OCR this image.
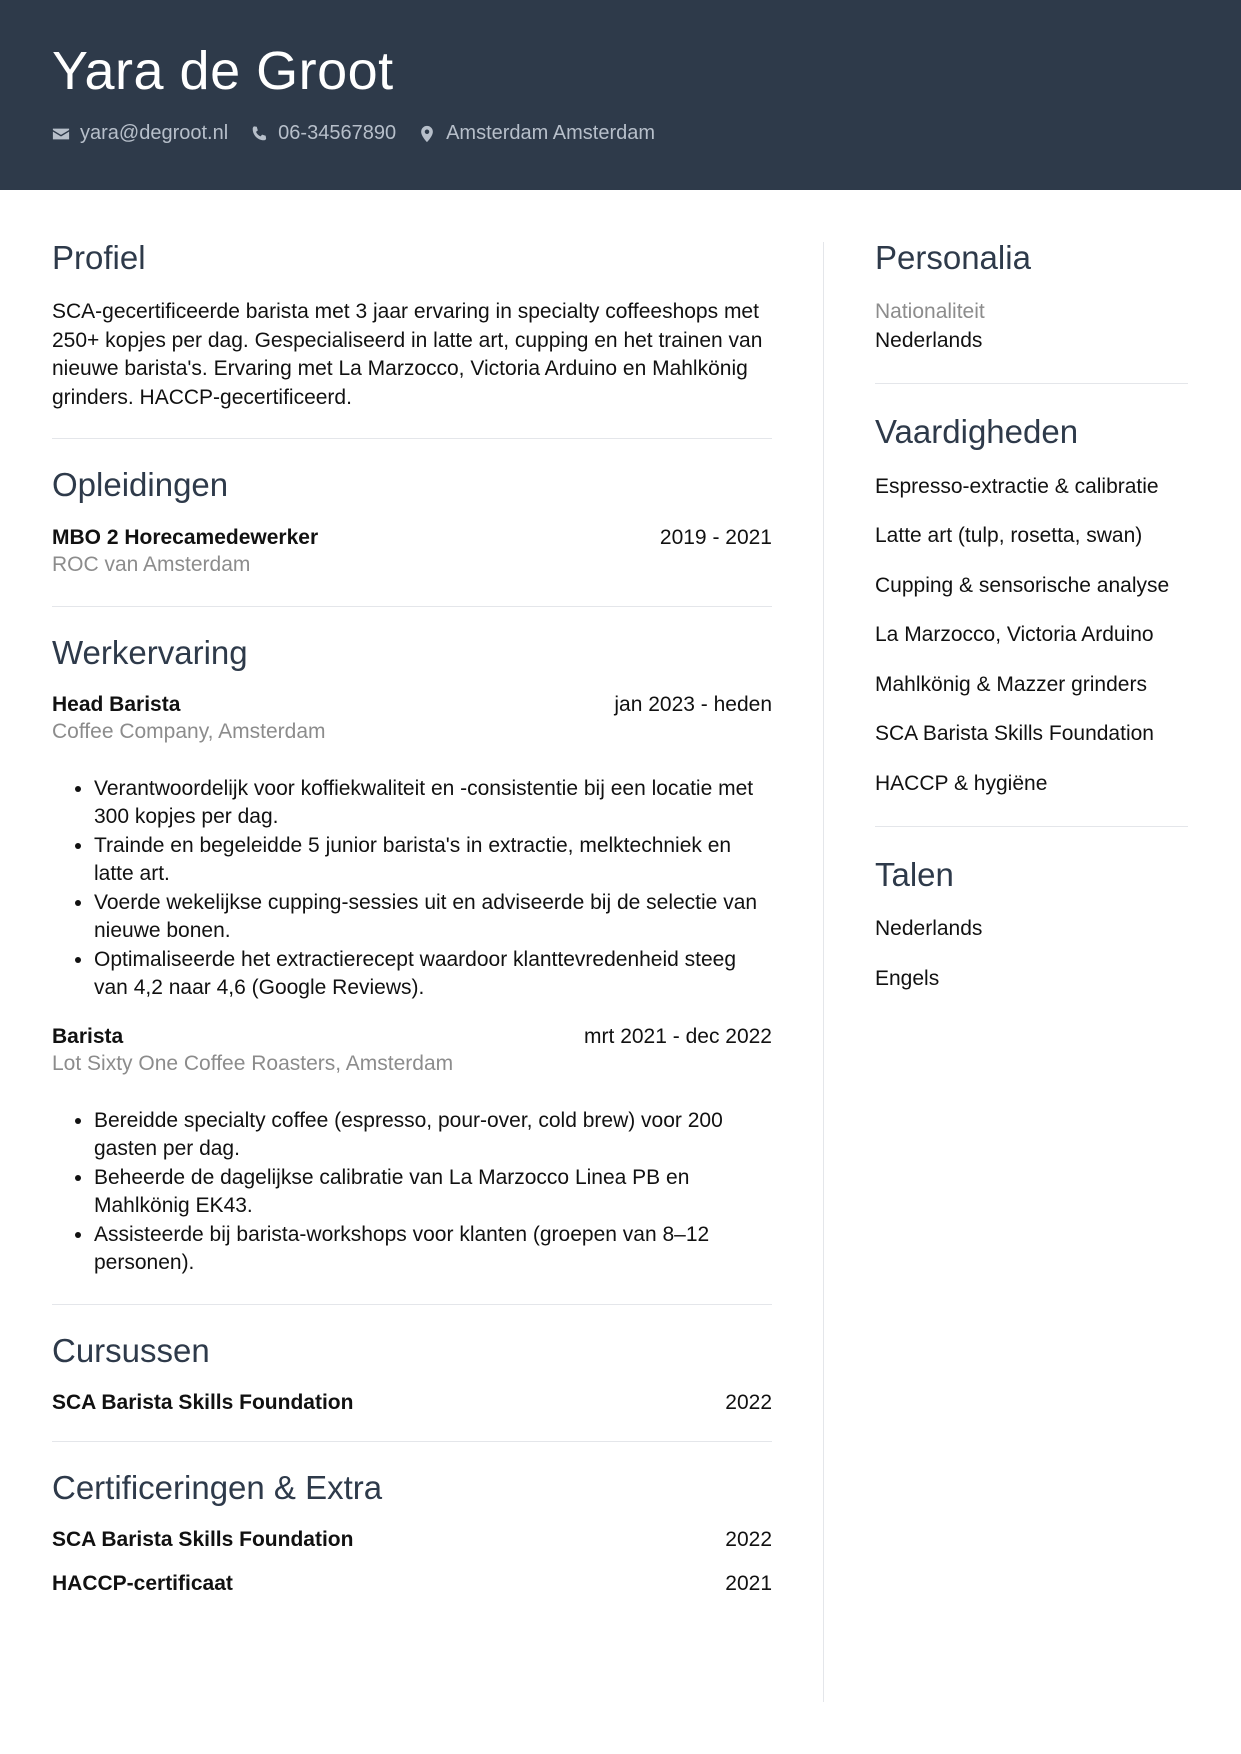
Yara de Groot
yara@degroot.nl	06-34567890	Amsterdam Amsterdam
Profiel
SCA-gecertificeerde barista met 3 jaar ervaring in specialty coffeeshops met 250+ kopjes per dag. Gespecialiseerd in latte art, cupping en het trainen van nieuwe barista's. Ervaring met La Marzocco, Victoria Arduino en Mahlkönig grinders. HACCP-gecertificeerd.
Opleidingen
MBO 2 Horecamedewerker	2019 - 2021
ROC van Amsterdam
Werkervaring
Head Barista	jan 2023 - heden
Coffee Company, Amsterdam
• Verantwoordelijk voor koffiekwaliteit en -consistentie bij een locatie met 300 kopjes per dag.
• Trainde en begeleidde 5 junior barista's in extractie, melktechniek en latte art.
• Voerde wekelijkse cupping-sessies uit en adviseerde bij de selectie van nieuwe bonen.
• Optimaliseerde het extractierecept waardoor klanttevredenheid steeg van 4,2 naar 4,6 (Google Reviews).
Barista	mrt 2021 - dec 2022
Lot Sixty One Coffee Roasters, Amsterdam
• Bereidde specialty coffee (espresso, pour-over, cold brew) voor 200 gasten per dag.
• Beheerde de dagelijkse calibratie van La Marzocco Linea PB en Mahlkönig EK43.
• Assisteerde bij barista-workshops voor klanten (groepen van 8–12 personen).
Cursussen
SCA Barista Skills Foundation	2022
Certificeringen & Extra
SCA Barista Skills Foundation	2022
HACCP-certificaat	2021
Personalia
Nationaliteit
Nederlands
Vaardigheden
Espresso-extractie & calibratie
Latte art (tulp, rosetta, swan)
Cupping & sensorische analyse
La Marzocco, Victoria Arduino
Mahlkönig & Mazzer grinders
SCA Barista Skills Foundation
HACCP & hygiëne
Talen
Nederlands
Engels
